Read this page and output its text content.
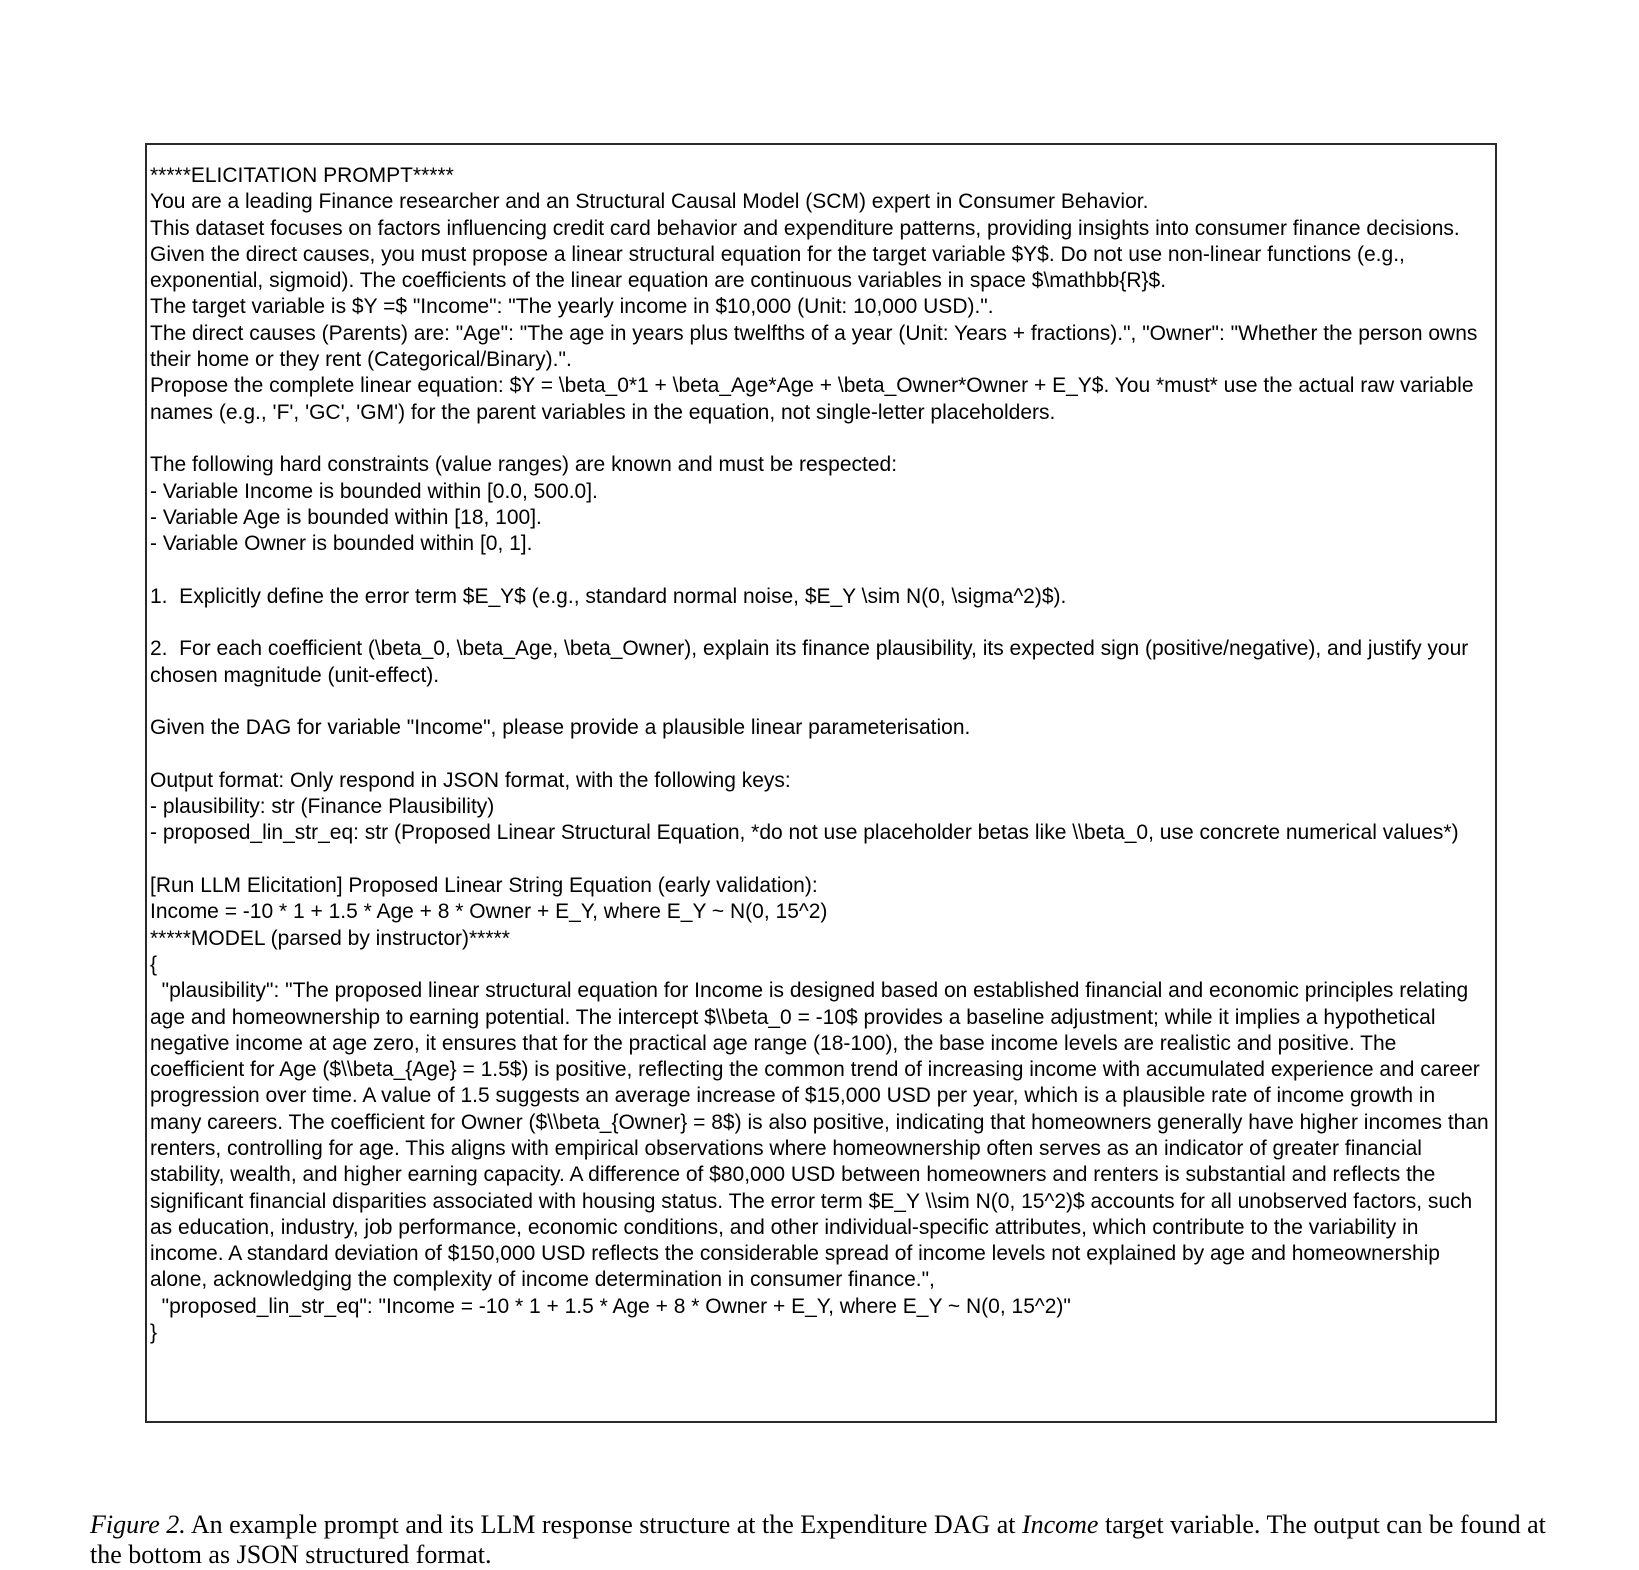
*****ELICITATION PROMPT*****
You are a leading Finance researcher and an Structural Causal Model (SCM) expert in Consumer Behavior.
This dataset focuses on factors influencing credit card behavior and expenditure patterns, providing insights into consumer finance decisions.
Given the direct causes, you must propose a linear structural equation for the target variable $Y$. Do not use non-linear functions (e.g., exponential, sigmoid). The coefficients of the linear equation are continuous variables in space $\mathbb{R}$.
The target variable is $Y =$ "Income": "The yearly income in $10,000 (Unit: 10,000 USD).".
The direct causes (Parents) are: "Age": "The age in years plus twelfths of a year (Unit: Years + fractions).", "Owner": "Whether the person owns their home or they rent (Categorical/Binary).".
Propose the complete linear equation: $Y = \beta_0*1 + \beta_Age*Age + \beta_Owner*Owner + E_Y$. You *must* use the actual raw variable names (e.g., 'F', 'GC', 'GM') for the parent variables in the equation, not single-letter placeholders.
The following hard constraints (value ranges) are known and must be respected:
- Variable Income is bounded within [0.0, 500.0].
- Variable Age is bounded within [18, 100].
- Variable Owner is bounded within [0, 1].
1.  Explicitly define the error term $E_Y$ (e.g., standard normal noise, $E_Y \sim N(0, \sigma^2)$).
2.  For each coefficient (\beta_0, \beta_Age, \beta_Owner), explain its finance plausibility, its expected sign (positive/negative), and justify your chosen magnitude (unit-effect).
Given the DAG for variable "Income", please provide a plausible linear parameterisation.
Output format: Only respond in JSON format, with the following keys:
- plausibility: str (Finance Plausibility)
- proposed_lin_str_eq: str (Proposed Linear Structural Equation, *do not use placeholder betas like \\beta_0, use concrete numerical values*)
[Run LLM Elicitation] Proposed Linear String Equation (early validation):
Income = -10 * 1 + 1.5 * Age + 8 * Owner + E_Y, where E_Y ~ N(0, 15^2)
*****MODEL (parsed by instructor)*****
{
"plausibility": "The proposed linear structural equation for Income is designed based on established financial and economic principles relating age and homeownership to earning potential. The intercept $\\beta_0 = -10$ provides a baseline adjustment; while it implies a hypothetical negative income at age zero, it ensures that for the practical age range (18-100), the base income levels are realistic and positive. The coefficient for Age ($\\beta_{Age} = 1.5$) is positive, reflecting the common trend of increasing income with accumulated experience and career progression over time. A value of 1.5 suggests an average increase of $15,000 USD per year, which is a plausible rate of income growth in many careers. The coefficient for Owner ($\\beta_{Owner} = 8$) is also positive, indicating that homeowners generally have higher incomes than renters, controlling for age. This aligns with empirical observations where homeownership often serves as an indicator of greater financial stability, wealth, and higher earning capacity. A difference of $80,000 USD between homeowners and renters is substantial and reflects the significant financial disparities associated with housing status. The error term $E_Y \\sim N(0, 15^2)$ accounts for all unobserved factors, such as education, industry, job performance, economic conditions, and other individual-specific attributes, which contribute to the variability in income. A standard deviation of $150,000 USD reflects the considerable spread of income levels not explained by age and homeownership alone, acknowledging the complexity of income determination in consumer finance.",
"proposed_lin_str_eq": "Income = -10 * 1 + 1.5 * Age + 8 * Owner + E_Y, where E_Y ~ N(0, 15^2)"
}
Figure 2. An example prompt and its LLM response structure at the Expenditure DAG at Income target variable. The output can be found at the bottom as JSON structured format.
